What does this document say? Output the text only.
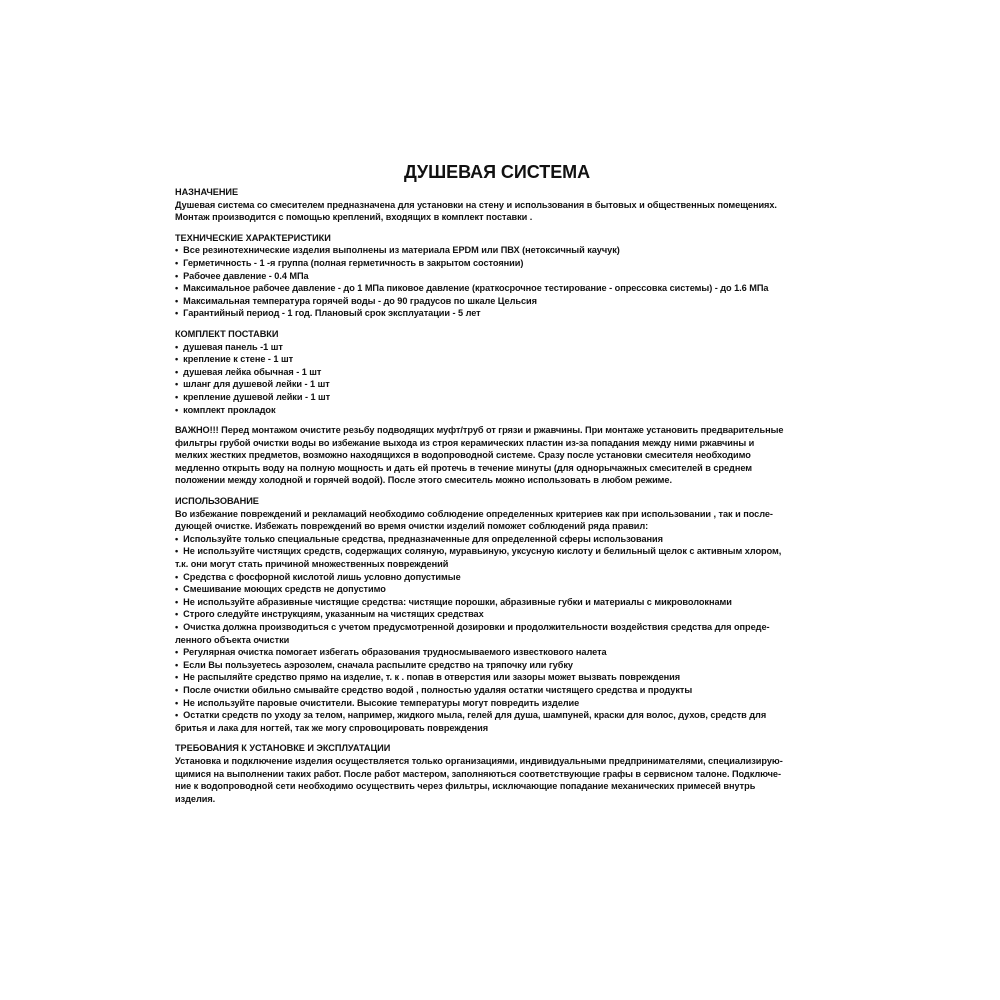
ДУШЕВАЯ СИСТЕМА
НАЗНАЧЕНИЕ
Душевая система со смесителем предназначена для установки на стену и использования в бытовых и общественных помещениях.
Монтаж производится с помощью креплений, входящих в комплект поставки .
ТЕХНИЧЕСКИЕ ХАРАКТЕРИСТИКИ
•  Все резинотехнические изделия выполнены из материала EPDM или ПВХ (нетоксичный каучук)
•  Герметичность - 1 -я группа (полная герметичность в закрытом состоянии)
•  Рабочее давление - 0.4 МПа
•  Максимальное рабочее давление - до 1 МПа пиковое давление (краткосрочное тестирование - опрессовка системы) - до 1.6 МПа
•  Максимальная температура горячей воды - до 90 градусов по шкале Цельсия
•  Гарантийный период - 1 год. Плановый срок эксплуатации - 5 лет
КОМПЛЕКТ ПОСТАВКИ
•  душевая панель -1 шт
•  крепление к стене - 1 шт
•  душевая лейка обычная - 1 шт
•  шланг для душевой лейки - 1 шт
•  крепление душевой лейки - 1 шт
•  комплект прокладок
ВАЖНО!!! Перед монтажом очистите резьбу подводящих муфт/труб от грязи и ржавчины. При монтаже установить предварительные
фильтры грубой очистки воды во избежание выхода из строя керамических пластин из-за попадания между ними ржавчины и
мелких жестких предметов, возможно находящихся в водопроводной системе. Сразу после установки смесителя необходимо
медленно открыть воду на полную мощность и дать ей протечь в течение минуты (для однорычажных смесителей в среднем
положении между холодной и горячей водой). После этого смеситель можно использовать в любом режиме.
ИСПОЛЬЗОВАНИЕ
Во избежание повреждений и рекламаций необходимо соблюдение определенных критериев как при использовании , так и после-
дующей очистке. Избежать повреждений во время очистки изделий поможет соблюдений ряда правил:
•  Используйте только специальные средства, предназначенные для определенной сферы использования
•  Не используйте чистящих средств, содержащих соляную, муравьиную, уксусную кислоту и белильный щелок с активным хлором,
т.к. они могут стать причиной множественных повреждений
•  Средства с фосфорной кислотой лишь условно допустимые
•  Смешивание моющих средств не допустимо
•  Не используйте абразивные чистящие средства: чистящие порошки, абразивные губки и материалы с микроволокнами
•  Строго следуйте инструкциям, указанным на чистящих средствах
•  Очистка должна производиться с учетом предусмотренной дозировки и продолжительности воздействия средства для опреде-
ленного объекта очистки
•  Регулярная очистка помогает избегать образования трудносмываемого известкового налета
•  Если Вы пользуетесь аэрозолем, сначала распылите средство на тряпочку или губку
•  Не распыляйте средство прямо на изделие, т. к . попав в отверстия или зазоры может вызвать повреждения
•  После очистки обильно смывайте средство водой , полностью удаляя остатки чистящего средства и продукты
•  Не используйте паровые очистители. Высокие температуры могут повредить изделие
•  Остатки средств по уходу за телом, например, жидкого мыла, гелей для душа, шампуней, краски для волос, духов, средств для
бритья и лака для ногтей, так же могу спровоцировать повреждения
ТРЕБОВАНИЯ К УСТАНОВКЕ И ЭКСПЛУАТАЦИИ
Установка и подключение изделия осуществляется только организациями, индивидуальными предпринимателями, специализирую-
щимися на выполнении таких работ. После работ мастером, заполняються соответствующие графы в сервисном талоне. Подключе-
ние к водопроводной сети необходимо осуществить через фильтры, исключающие попадание механических примесей внутрь
изделия.
